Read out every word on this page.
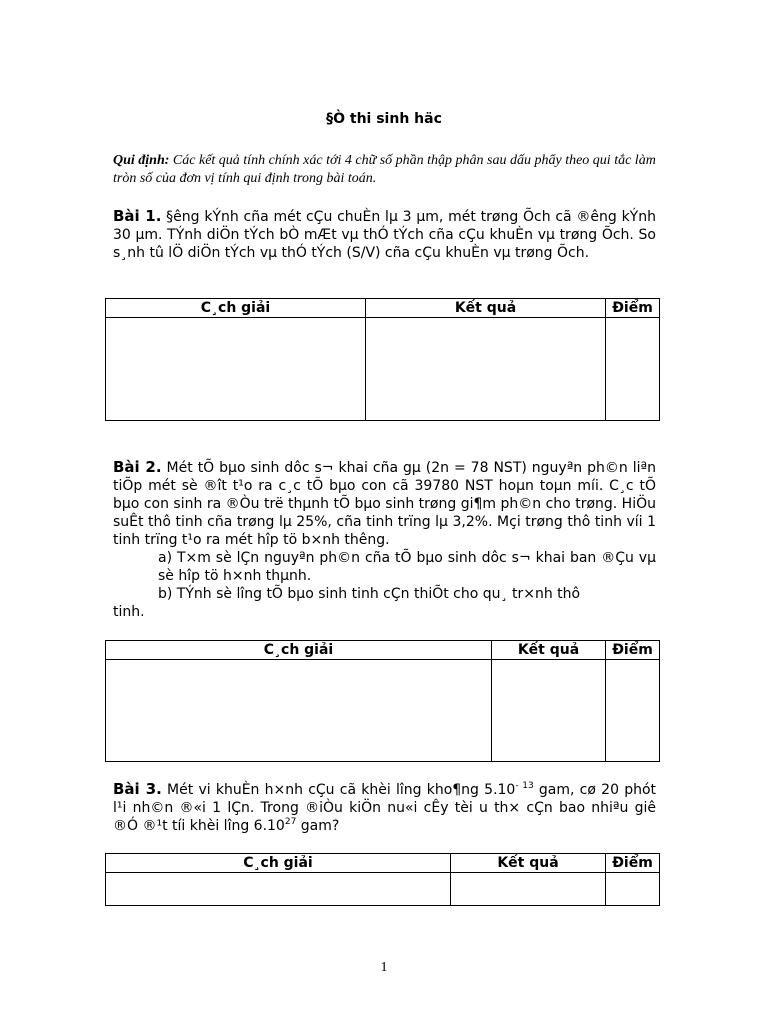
§Ò thi sinh häc
Qui định: Các kết quả tính chính xác tới 4 chữ số phần thập phân sau dấu phẩy theo qui tắc làm tròn số của đơn vị tính qui định trong bài toán.
Bài 1. §êng kÝnh cña mét cÇu chuÈn lµ 3 μm, mét trøng Õch cã ®êng kÝnh 30 μm. TÝnh diÖn tÝch bÒ mÆt vµ thÓ tÝch cña cÇu khuÈn vµ trøng Õch. So s¸nh tû lÖ diÖn tÝch vµ thÓ tÝch (S/V) cña cÇu khuÈn vµ trøng Õch.
C¸ch giải	Kết quả	Điểm

Bài 2. Mét tÕ bµo sinh dôc s¬ khai cña gµ (2n = 78 NST) nguyªn ph©n liªn tiÕp mét sè ®ît t¹o ra c¸c tÕ bµo con cã 39780 NST hoµn toµn míi. C¸c tÕ bµo con sinh ra ®Òu trë thµnh tÕ bµo sinh trøng gi¶m ph©n cho trøng. HiÖu suÊt thô tinh cña trøng lµ 25%, cña tinh trïng lµ 3,2%. Mçi trøng thô tinh víi 1 tinh trïng t¹o ra mét hîp tö b×nh thêng.
a) T×m sè lÇn nguyªn ph©n cña tÕ bµo sinh dôc s¬ khai ban ®Çu vµ sè hîp tö h×nh thµnh.
b) TÝnh sè lîng tÕ bµo sinh tinh cÇn thiÕt cho qu¸ tr×nh thô
tinh.
C¸ch giải	Kết quả	Điểm

Bài 3. Mét vi khuÈn h×nh cÇu cã khèi lîng kho¶ng $5.10^{- 13}$ gam, cø 20 phót l¹i nh©n ®«i 1 lÇn. Trong ®iÒu kiÖn nu«i cÊy tèi u th× cÇn bao nhiªu giê ®Ó ®¹t tíi khèi lîng 6.10$^{27}$ gam?
C¸ch giải	Kết quả	Điểm

1
